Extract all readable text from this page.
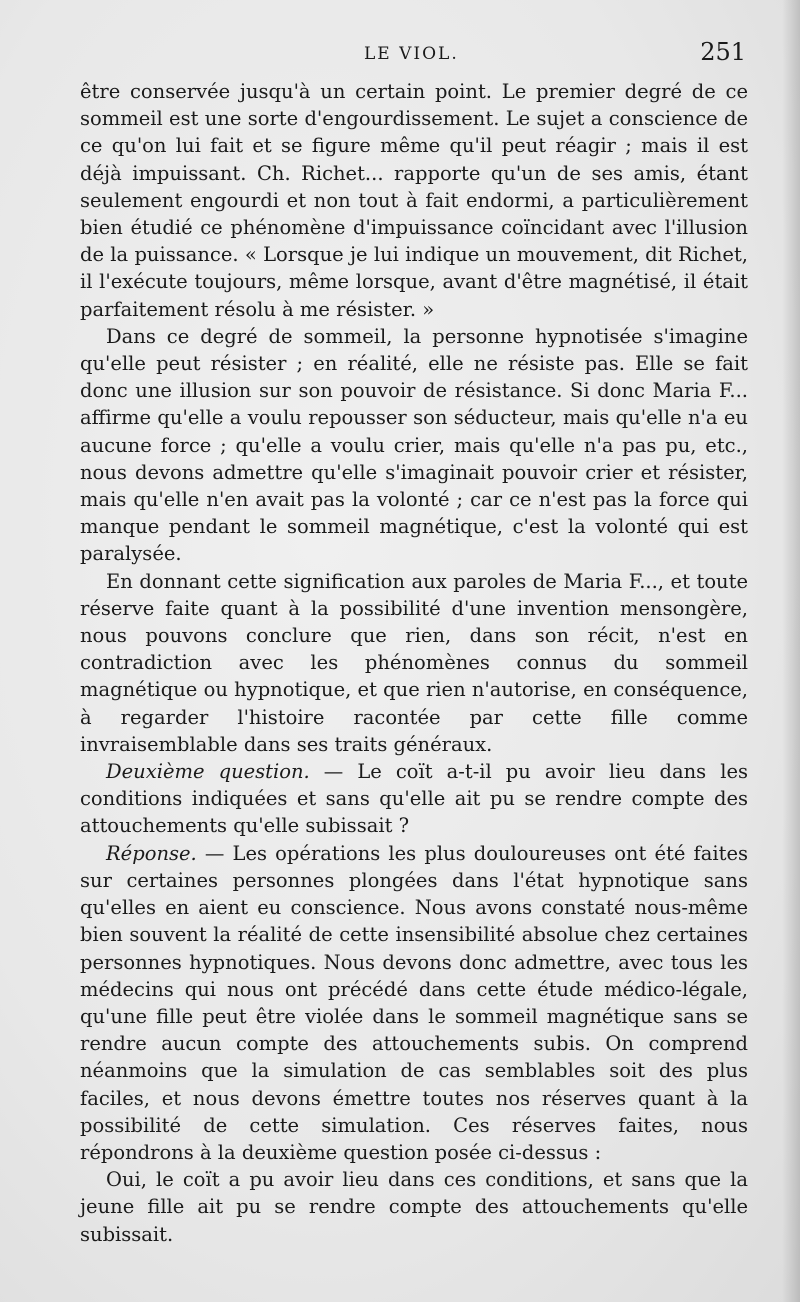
LE VIOL.	251

être conservée jusqu'à un certain point. Le premier degré de ce sommeil est une sorte d'engourdissement. Le sujet a conscience de ce qu'on lui fait et se figure même qu'il peut réagir ; mais il est déjà impuissant. Ch. Richet... rapporte qu'un de ses amis, étant seulement engourdi et non tout à fait endormi, a particulièrement bien étudié ce phénomène d'impuissance coïncidant avec l'illusion de la puissance. « Lorsque je lui indique un mouvement, dit Richet, il l'exécute toujours, même lorsque, avant d'être magnétisé, il était parfaitement résolu à me résister. »

Dans ce degré de sommeil, la personne hypnotisée s'imagine qu'elle peut résister ; en réalité, elle ne résiste pas. Elle se fait donc une illusion sur son pouvoir de résistance. Si donc Maria F... affirme qu'elle a voulu repousser son séducteur, mais qu'elle n'a eu aucune force ; qu'elle a voulu crier, mais qu'elle n'a pas pu, etc., nous devons admettre qu'elle s'imaginait pouvoir crier et résister, mais qu'elle n'en avait pas la volonté ; car ce n'est pas la force qui manque pendant le sommeil magnétique, c'est la volonté qui est paralysée.

En donnant cette signification aux paroles de Maria F..., et toute réserve faite quant à la possibilité d'une invention mensongère, nous pouvons conclure que rien, dans son récit, n'est en contradiction avec les phénomènes connus du sommeil magnétique ou hypnotique, et que rien n'autorise, en conséquence, à regarder l'histoire racontée par cette fille comme invraisemblable dans ses traits généraux.

Deuxième question. — Le coït a-t-il pu avoir lieu dans les conditions indiquées et sans qu'elle ait pu se rendre compte des attouchements qu'elle subissait ?

Réponse. — Les opérations les plus douloureuses ont été faites sur certaines personnes plongées dans l'état hypnotique sans qu'elles en aient eu conscience. Nous avons constaté nous-même bien souvent la réalité de cette insensibilité absolue chez certaines personnes hypnotiques. Nous devons donc admettre, avec tous les médecins qui nous ont précédé dans cette étude médico-légale, qu'une fille peut être violée dans le sommeil magnétique sans se rendre aucun compte des attouchements subis. On comprend néanmoins que la simulation de cas semblables soit des plus faciles, et nous devons émettre toutes nos réserves quant à la possibilité de cette simulation. Ces réserves faites, nous répondrons à la deuxième question posée ci-dessus :

Oui, le coït a pu avoir lieu dans ces conditions, et sans que la jeune fille ait pu se rendre compte des attouchements qu'elle subissait.
